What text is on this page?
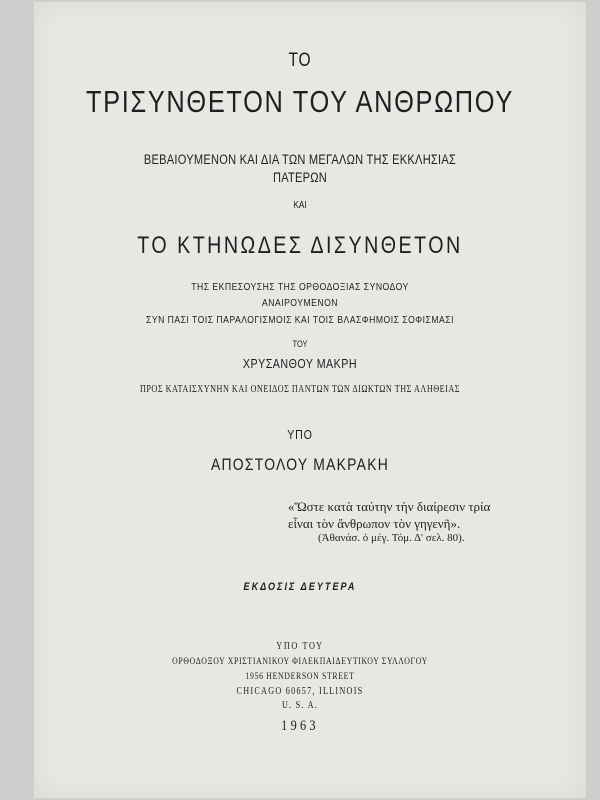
ΤΟ
ΤΡΙΣΥΝΘΕΤΟΝ ΤΟΥ ΑΝΘΡΩΠΟΥ
ΒΕΒΑΙΟΥΜΕΝΟΝ ΚΑΙ ΔΙΑ ΤΩΝ ΜΕΓΑΛΩΝ ΤΗΣ ΕΚΚΛΗΣΙΑΣ
ΠΑΤΕΡΩΝ
ΚΑΙ
ΤΟ ΚΤΗΝΩΔΕΣ ΔΙΣΥΝΘΕΤΟΝ
ΤΗΣ ΕΚΠΕΣΟΥΣΗΣ ΤΗΣ ΟΡΘΟΔΟΞΙΑΣ ΣΥΝΟΔΟΥ
ΑΝΑΙΡΟΥΜΕΝΟΝ
ΣΥΝ ΠΑΣΙ ΤΟΙΣ ΠΑΡΑΛΟΓΙΣΜΟΙΣ ΚΑΙ ΤΟΙΣ ΒΛΑΣΦΗΜΟΙΣ ΣΟΦΙΣΜΑΣΙ
ΤΟΥ
ΧΡΥΣΑΝΘΟΥ ΜΑΚΡΗ
ΠΡΟΣ ΚΑΤΑΙΣΧΥΝΗΝ ΚΑΙ ΟΝΕΙΔΟΣ ΠΑΝΤΩΝ ΤΩΝ ΔΙΩΚΤΩΝ ΤΗΣ ΑΛΗΘΕΙΑΣ
ΥΠΟ
ΑΠΟΣΤΟΛΟΥ ΜΑΚΡΑΚΗ
«Ὥστε κατὰ ταύτην τὴν διαίρεσιν τρία
εἶναι τὸν ἄνθρωπον τὸν γηγενῆ».
(Ἀθανάσ. ὁ μέγ. Τόμ. Δ' σελ. 80).
ΕΚΔΟΣΙΣ ΔΕΥΤΕΡΑ
ΥΠΟ ΤΟΥ
ΟΡΘΟΔΟΞΟΥ ΧΡΙΣΤΙΑΝΙΚΟΥ ΦΙΛΕΚΠΑΙΔΕΥΤΙΚΟΥ ΣΥΛΛΟΓΟΥ
1956 HENDERSON STREET
CHICAGO 60657, ILLINOIS
U. S. A.
1963
